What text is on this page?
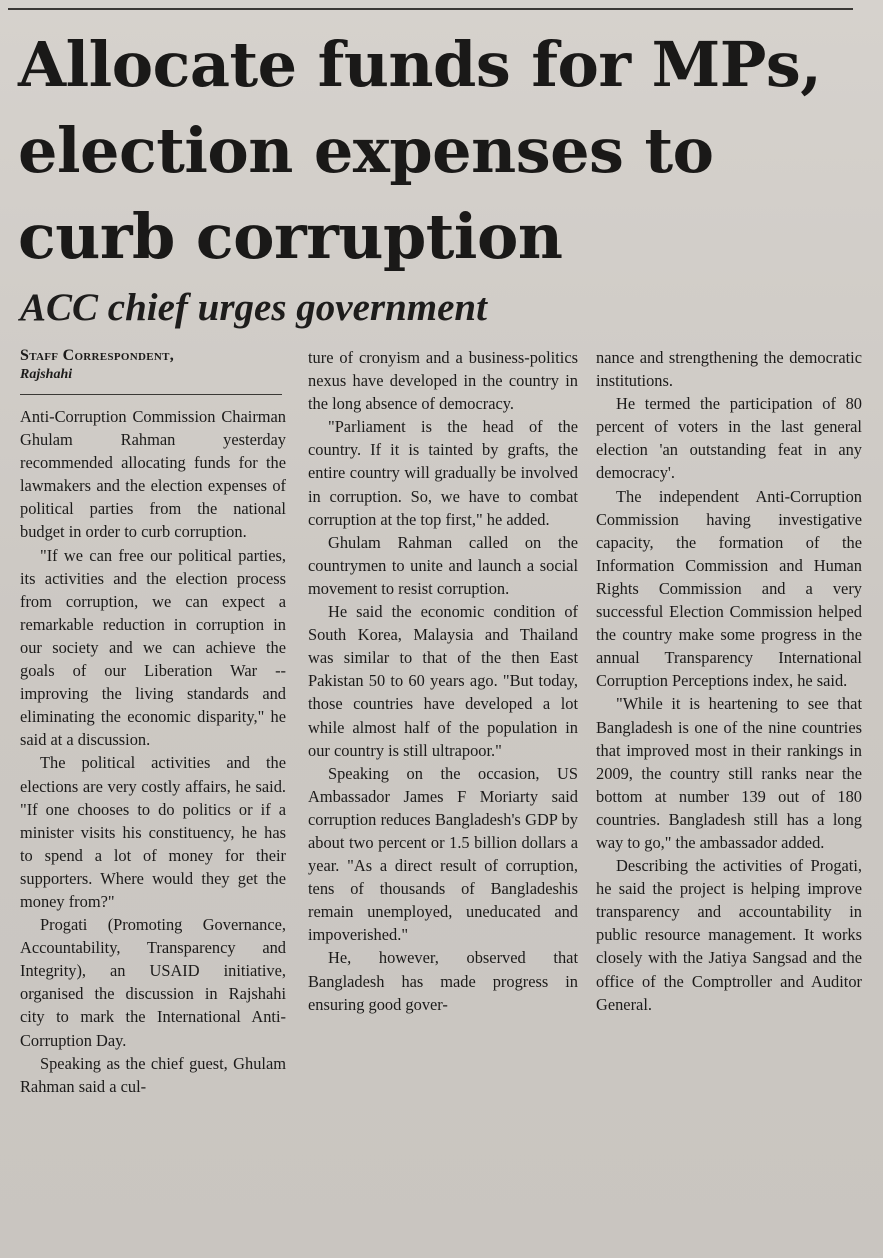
Allocate funds for MPs,
election expenses to
curb corruption
ACC chief urges government
Staff Correspondent,
Rajshahi

Anti-Corruption Commission Chairman Ghulam Rahman yesterday recommended allocating funds for the lawmakers and the election expenses of political parties from the national budget in order to curb corruption.

"If we can free our political parties, its activities and the election process from corruption, we can expect a remarkable reduction in corruption in our society and we can achieve the goals of our Liberation War -- improving the living standards and eliminating the economic disparity," he said at a discussion.

The political activities and the elections are very costly affairs, he said. "If one chooses to do politics or if a minister visits his constituency, he has to spend a lot of money for their supporters. Where would they get the money from?"

Progati (Promoting Governance, Accountability, Transparency and Integrity), an USAID initiative, organised the discussion in Rajshahi city to mark the International Anti-Corruption Day.

Speaking as the chief guest, Ghulam Rahman said a cul-

ture of cronyism and a business-politics nexus have developed in the country in the long absence of democracy.

"Parliament is the head of the country. If it is tainted by grafts, the entire country will gradually be involved in corruption. So, we have to combat corruption at the top first," he added.

Ghulam Rahman called on the countrymen to unite and launch a social movement to resist corruption.

He said the economic condition of South Korea, Malaysia and Thailand was similar to that of the then East Pakistan 50 to 60 years ago. "But today, those countries have developed a lot while almost half of the population in our country is still ultrapoor."

Speaking on the occasion, US Ambassador James F Moriarty said corruption reduces Bangladesh's GDP by about two percent or 1.5 billion dollars a year. "As a direct result of corruption, tens of thousands of Bangladeshis remain unemployed, uneducated and impoverished."

He, however, observed that Bangladesh has made progress in ensuring good gover-

nance and strengthening the democratic institutions.

He termed the participation of 80 percent of voters in the last general election 'an outstanding feat in any democracy'.

The independent Anti-Corruption Commission having investigative capacity, the formation of the Information Commission and Human Rights Commission and a very successful Election Commission helped the country make some progress in the annual Transparency International Corruption Perceptions index, he said.

"While it is heartening to see that Bangladesh is one of the nine countries that improved most in their rankings in 2009, the country still ranks near the bottom at number 139 out of 180 countries. Bangladesh still has a long way to go," the ambassador added.

Describing the activities of Progati, he said the project is helping improve transparency and accountability in public resource management. It works closely with the Jatiya Sangsad and the office of the Comptroller and Auditor General.
